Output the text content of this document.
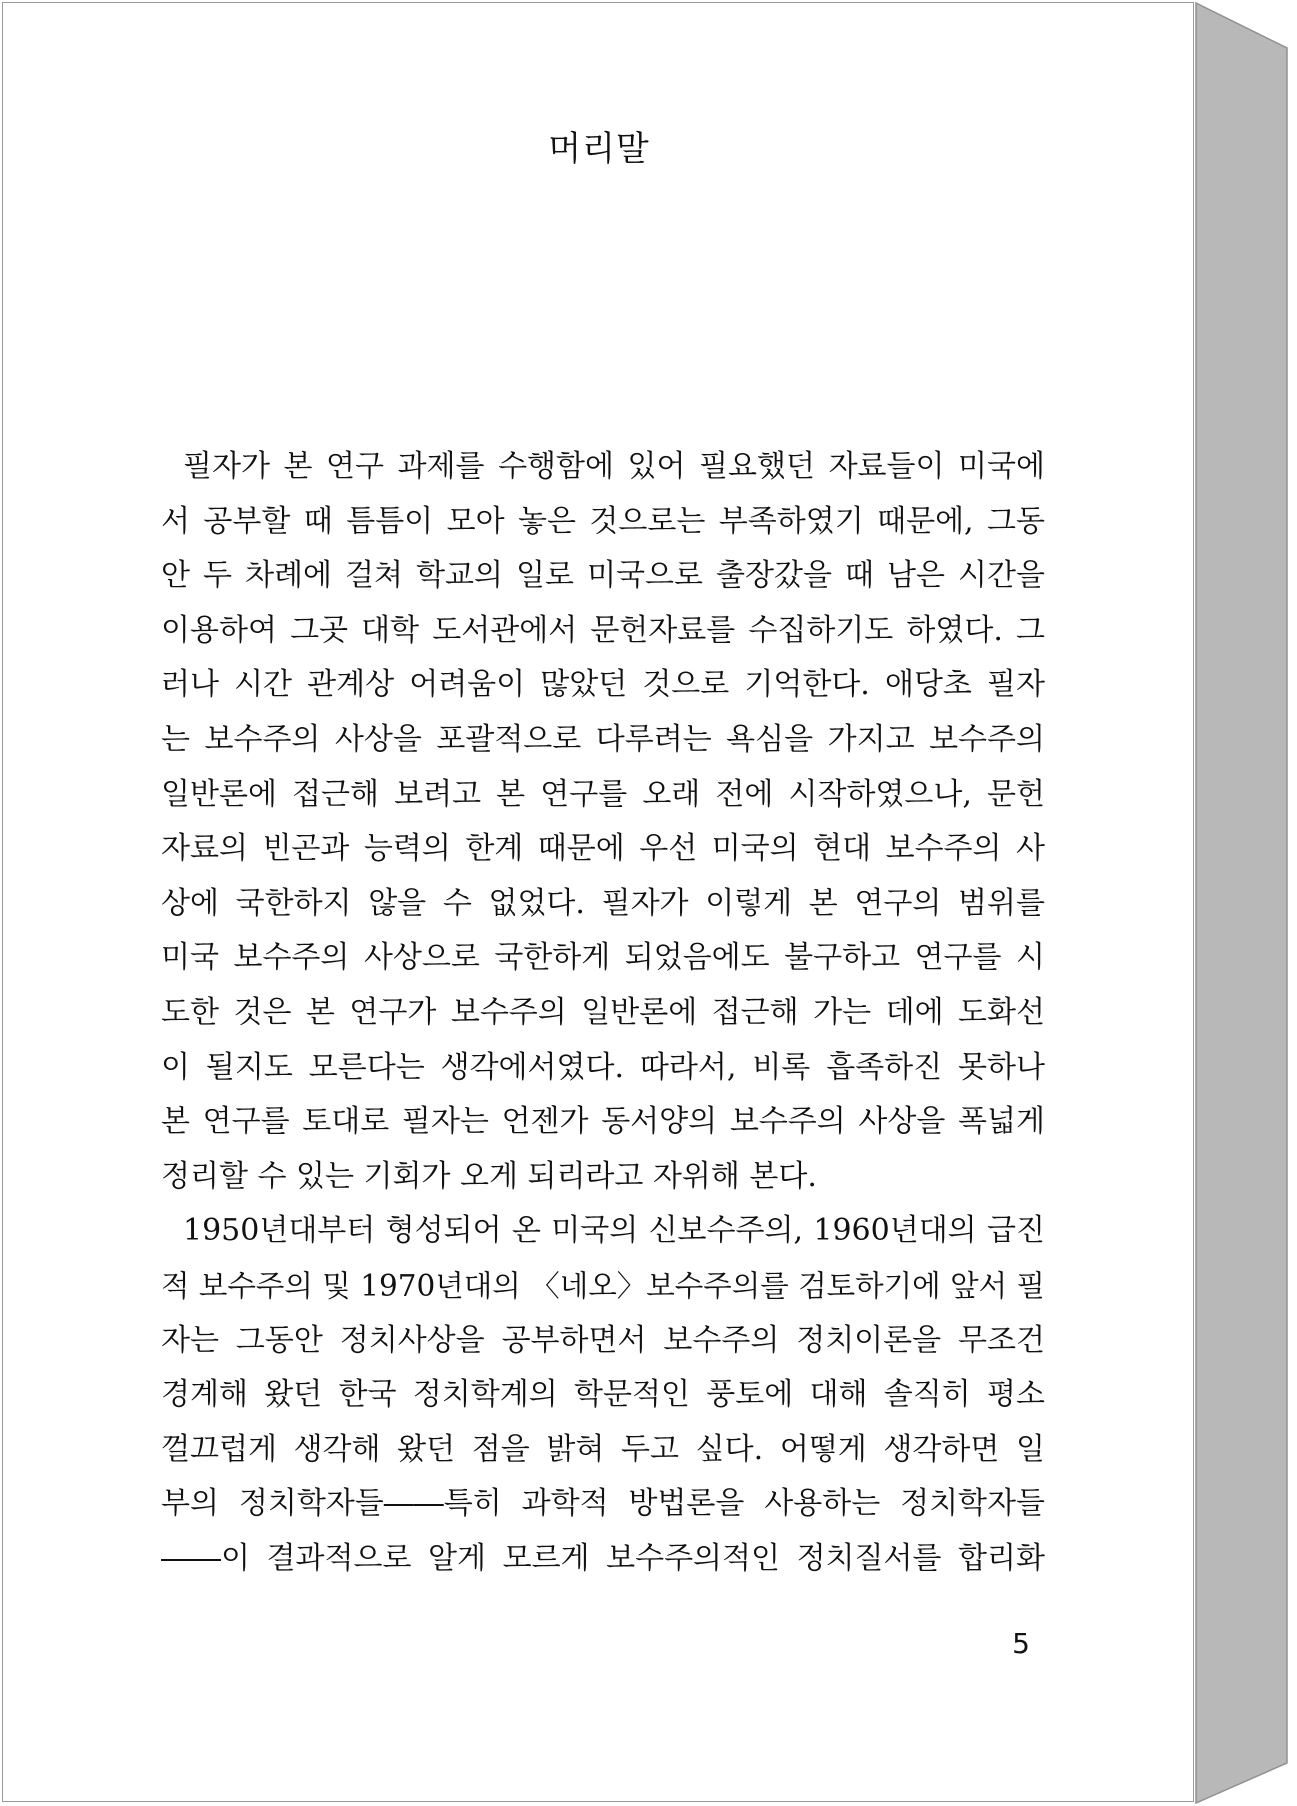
머리말
필자가 본 연구 과제를 수행함에 있어 필요했던 자료들이 미국에
서 공부할 때 틈틈이 모아 놓은 것으로는 부족하였기 때문에, 그동
안 두 차례에 걸쳐 학교의 일로 미국으로 출장갔을 때 남은 시간을
이용하여 그곳 대학 도서관에서 문헌자료를 수집하기도 하였다. 그
러나 시간 관계상 어려움이 많았던 것으로 기억한다. 애당초 필자
는 보수주의 사상을 포괄적으로 다루려는 욕심을 가지고 보수주의
일반론에 접근해 보려고 본 연구를 오래 전에 시작하였으나, 문헌
자료의 빈곤과 능력의 한계 때문에 우선 미국의 현대 보수주의 사
상에 국한하지 않을 수 없었다. 필자가 이렇게 본 연구의 범위를
미국 보수주의 사상으로 국한하게 되었음에도 불구하고 연구를 시
도한 것은 본 연구가 보수주의 일반론에 접근해 가는 데에 도화선
이 될지도 모른다는 생각에서였다. 따라서, 비록 흡족하진 못하나
본 연구를 토대로 필자는 언젠가 동서양의 보수주의 사상을 폭넓게
정리할 수 있는 기회가 오게 되리라고 자위해 본다.
1950년대부터 형성되어 온 미국의 신보수주의, 1960년대의 급진
적 보수주의 및 1970년대의 〈네오〉보수주의를 검토하기에 앞서 필
자는 그동안 정치사상을 공부하면서 보수주의 정치이론을 무조건
경계해 왔던 한국 정치학계의 학문적인 풍토에 대해 솔직히 평소
껄끄럽게 생각해 왔던 점을 밝혀 두고 싶다. 어떻게 생각하면 일
부의 정치학자들――특히 과학적 방법론을 사용하는 정치학자들
――이 결과적으로 알게 모르게 보수주의적인 정치질서를 합리화
5
